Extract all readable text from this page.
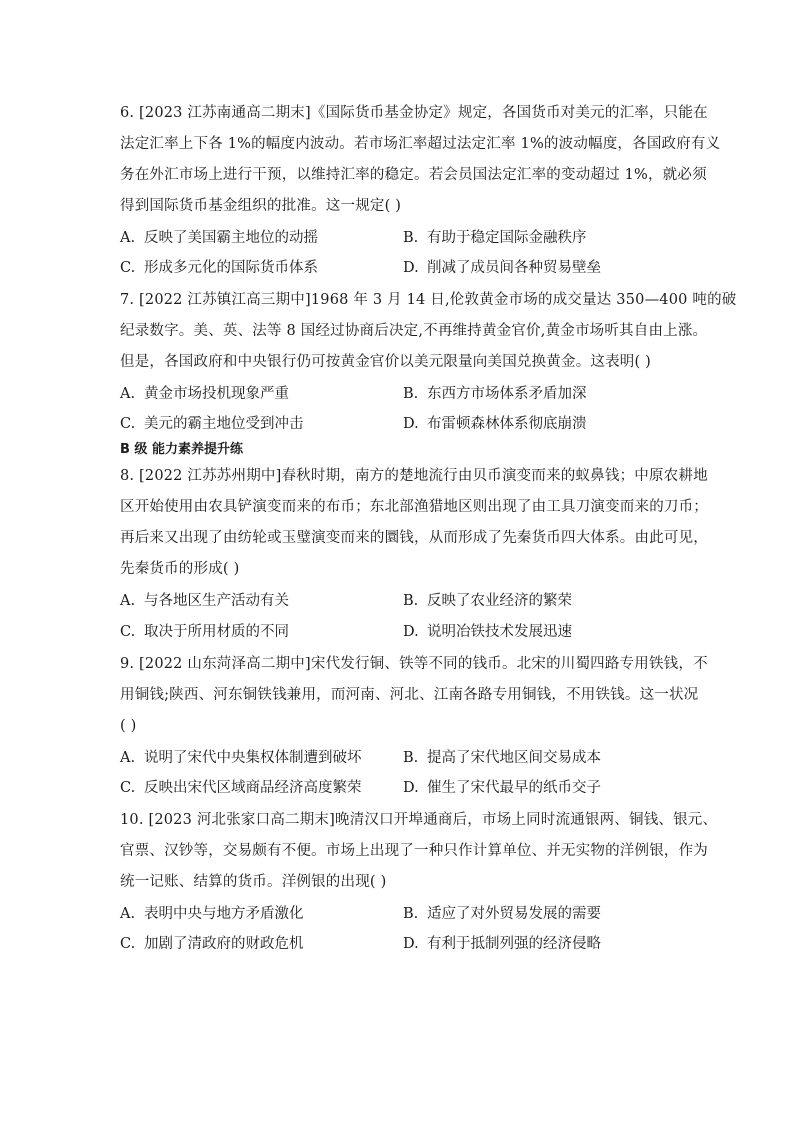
6. [2023 江苏南通高二期末]《国际货币基金协定》规定，各国货币对美元的汇率，只能在
法定汇率上下各 1%的幅度内波动。若市场汇率超过法定汇率 1%的波动幅度，各国政府有义
务在外汇市场上进行干预，以维持汇率的稳定。若会员国法定汇率的变动超过 1%，就必须
得到国际货币基金组织的批准。这一规定( )
A. 反映了美国霸主地位的动摇	B. 有助于稳定国际金融秩序
C. 形成多元化的国际货币体系	D. 削减了成员间各种贸易壁垒
7. [2022 江苏镇江高三期中]1968 年 3 月 14 日,伦敦黄金市场的成交量达 350—400 吨的破
纪录数字。美、英、法等 8 国经过协商后决定,不再维持黄金官价,黄金市场听其自由上涨。
但是，各国政府和中央银行仍可按黄金官价以美元限量向美国兑换黄金。这表明( )
A. 黄金市场投机现象严重	B. 东西方市场体系矛盾加深
C. 美元的霸主地位受到冲击	D. 布雷顿森林体系彻底崩溃
B 级 能力素养提升练
8. [2022 江苏苏州期中]春秋时期，南方的楚地流行由贝币演变而来的蚁鼻钱；中原农耕地
区开始使用由农具铲演变而来的布币；东北部渔猎地区则出现了由工具刀演变而来的刀币；
再后来又出现了由纺轮或玉璧演变而来的圜钱，从而形成了先秦货币四大体系。由此可见，
先秦货币的形成( )
A. 与各地区生产活动有关	B. 反映了农业经济的繁荣
C. 取决于所用材质的不同	D. 说明冶铁技术发展迅速
9. [2022 山东菏泽高二期中]宋代发行铜、铁等不同的钱币。北宋的川蜀四路专用铁钱，不
用铜钱;陕西、河东铜铁钱兼用，而河南、河北、江南各路专用铜钱，不用铁钱。这一状况
( )
A. 说明了宋代中央集权体制遭到破坏	B. 提高了宋代地区间交易成本
C. 反映出宋代区域商品经济高度繁荣	D. 催生了宋代最早的纸币交子
10. [2023 河北张家口高二期末]晚清汉口开埠通商后，市场上同时流通银两、铜钱、银元、
官票、汉钞等，交易颇有不便。市场上出现了一种只作计算单位、并无实物的洋例银，作为
统一记账、结算的货币。洋例银的出现( )
A. 表明中央与地方矛盾激化	B. 适应了对外贸易发展的需要
C. 加剧了清政府的财政危机	D. 有利于抵制列强的经济侵略
